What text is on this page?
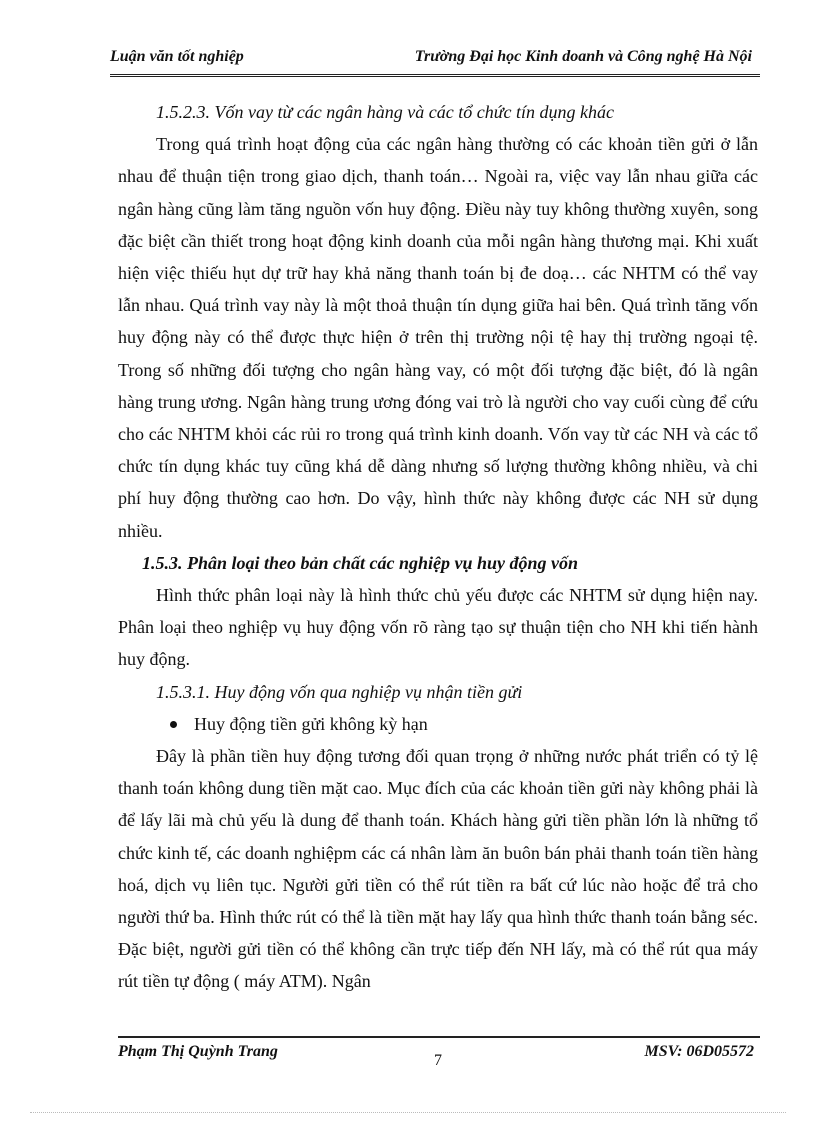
Luận văn tốt nghiệp	Trường Đại học Kinh doanh và Công nghệ Hà Nội

1.5.2.3. Vốn vay từ các ngân hàng và các tổ chức tín dụng khác

Trong quá trình hoạt động của các ngân hàng thường có các khoản tiền gửi ở lẫn nhau để thuận tiện trong giao dịch, thanh toán… Ngoài ra, việc vay lẫn nhau giữa các ngân hàng cũng làm tăng nguồn vốn huy động. Điều này tuy không thường xuyên, song đặc biệt cần thiết trong hoạt động kinh doanh của mỗi ngân hàng thương mại. Khi xuất hiện việc thiếu hụt dự trữ hay khả năng thanh toán bị đe doạ… các NHTM có thể vay lẫn nhau. Quá trình vay này là một thoả thuận tín dụng giữa hai bên. Quá trình tăng vốn huy động này có thể được thực hiện ở trên thị trường nội tệ hay thị trường ngoại tệ. Trong số những đối tượng cho ngân hàng vay, có một đối tượng đặc biệt, đó là ngân hàng trung ương. Ngân hàng trung ương đóng vai trò là người cho vay cuối cùng để cứu cho các NHTM khỏi các rủi ro trong quá trình kinh doanh. Vốn vay từ các NH và các tổ chức tín dụng khác tuy cũng khá dễ dàng nhưng số lượng thường không nhiều, và chi phí huy động thường cao hơn. Do vậy, hình thức này không được các NH sử dụng nhiều.

1.5.3. Phân loại theo bản chất các nghiệp vụ huy động vốn

Hình thức phân loại này là hình thức chủ yếu được các NHTM sử dụng hiện nay. Phân loại theo nghiệp vụ huy động vốn rõ ràng tạo sự thuận tiện cho NH khi tiến hành huy động.

1.5.3.1. Huy động vốn qua nghiệp vụ nhận tiền gửi

Huy động tiền gửi không kỳ hạn

Đây là phần tiền huy động tương đối quan trọng ở những nước phát triển có tỷ lệ thanh toán không dung tiền mặt cao. Mục đích của các khoản tiền gửi này không phải là để lấy lãi mà chủ yếu là dung để thanh toán. Khách hàng gửi tiền phần lớn là những tổ chức kinh tế, các doanh nghiệpm các cá nhân làm ăn buôn bán phải thanh toán tiền hàng hoá, dịch vụ liên tục. Người gửi tiền có thể rút tiền ra bất cứ lúc nào hoặc để trả cho người thứ ba. Hình thức rút có thể là tiền mặt hay lấy qua hình thức thanh toán bằng séc. Đặc biệt, người gửi tiền có thể không cần trực tiếp đến NH lấy, mà có thể rút qua máy rút tiền tự động ( máy ATM). Ngân

Phạm Thị Quỳnh Trang
7
MSV: 06D05572
